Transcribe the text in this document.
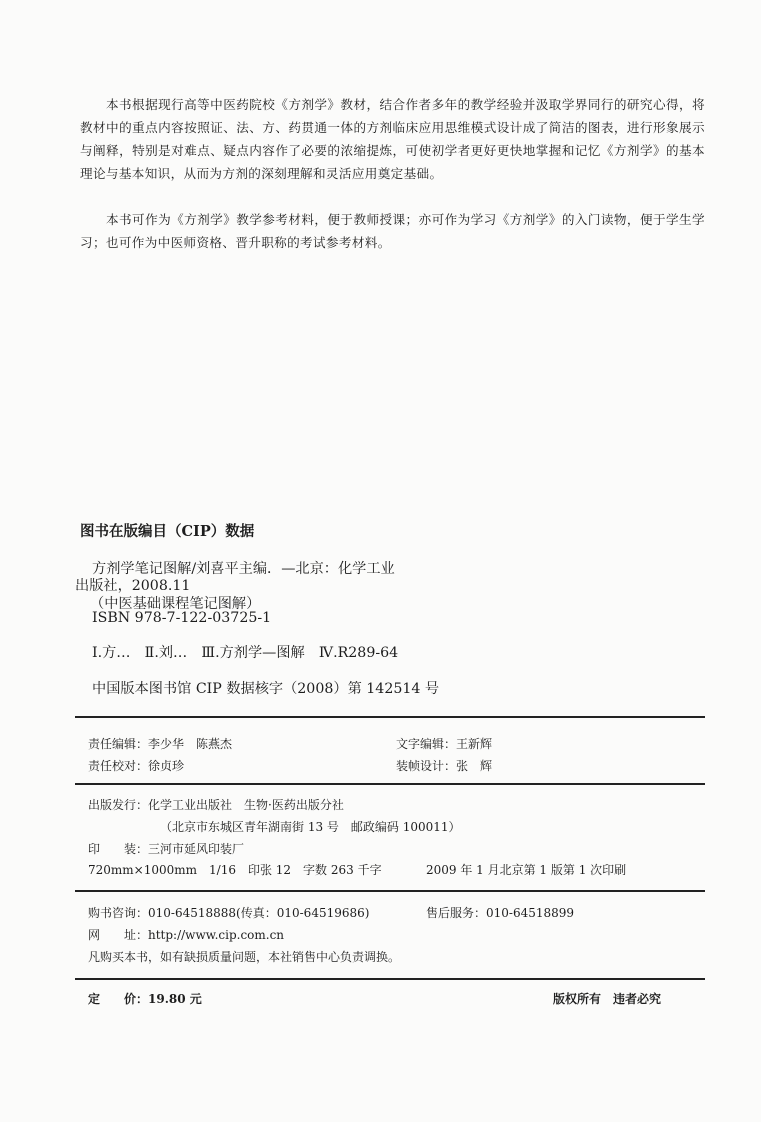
本书根据现行高等中医药院校《方剂学》教材，结合作者多年的教学经验并汲取学界同行的研究心得，将教材中的重点内容按照证、法、方、药贯通一体的方剂临床应用思维模式设计成了简洁的图表，进行形象展示与阐释，特别是对难点、疑点内容作了必要的浓缩提炼，可使初学者更好更快地掌握和记忆《方剂学》的基本理论与基本知识，从而为方剂的深刻理解和灵活应用奠定基础。

本书可作为《方剂学》教学参考材料，便于教师授课；亦可作为学习《方剂学》的入门读物，便于学生学习；也可作为中医师资格、晋升职称的考试参考材料。

图书在版编目（CIP）数据
方剂学笔记图解/刘喜平主编．—北京：化学工业
出版社，2008.11
（中医基础课程笔记图解）
ISBN 978-7-122-03725-1
Ⅰ.方…　Ⅱ.刘…　Ⅲ.方剂学—图解　Ⅳ.R289-64
中国版本图书馆 CIP 数据核字（2008）第 142514 号
责任编辑：李少华　陈燕杰	文字编辑：王新辉
责任校对：徐贞珍	装帧设计：张　辉
出版发行：化学工业出版社　生物·医药出版分社
（北京市东城区青年湖南街 13 号　邮政编码 100011）
印　　装：三河市延风印装厂
720mm×1000mm　1/16　印张 12　字数 263 千字	2009 年 1 月北京第 1 版第 1 次印刷
购书咨询：010-64518888(传真：010-64519686)	售后服务：010-64518899
网　　址：http://www.cip.com.cn
凡购买本书，如有缺损质量问题，本社销售中心负责调换。
定　　价：19.80 元	版权所有　违者必究
